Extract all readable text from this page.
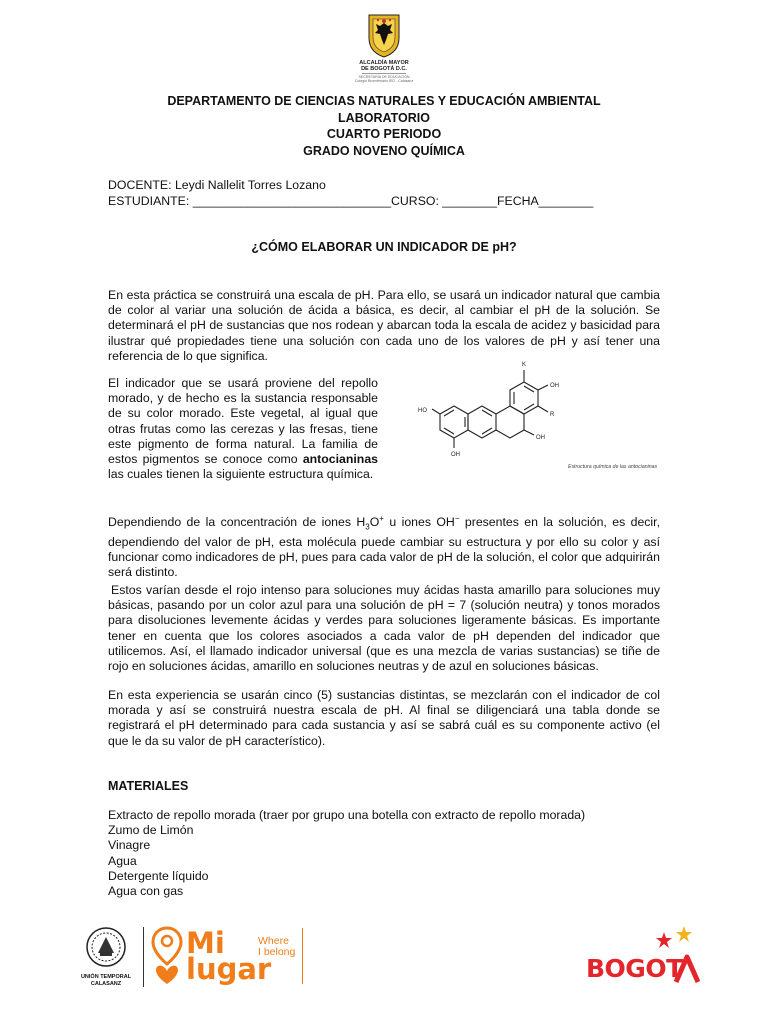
ALCALDÍA MAYOR
DE BOGOTÁ D.C.
SECRETARÍA DE EDUCACIÓN
Colegio Bicentenario IED - Calasanz
DEPARTAMENTO DE CIENCIAS NATURALES Y EDUCACIÓN AMBIENTAL
LABORATORIO
CUARTO PERIODO
GRADO NOVENO QUÍMICA
DOCENTE: Leydi Nallelit Torres Lozano
ESTUDIANTE: _____________________________CURSO: ________FECHA________
¿CÓMO ELABORAR UN INDICADOR DE pH?
En esta práctica se construirá una escala de pH. Para ello, se usará un indicador natural que cambia de color al variar una solución de ácida a básica, es decir, al cambiar el pH de la solución. Se determinará el pH de sustancias que nos rodean y abarcan toda la escala de acidez y basicidad para ilustrar qué propiedades tiene una solución con cada uno de los valores de pH y así tener una referencia de lo que significa.
El indicador que se usará proviene del repollo morado, y de hecho es la sustancia responsable de su color morado. Este vegetal, al igual que otras frutas como las cerezas y las fresas, tiene este pigmento de forma natural. La familia de estos pigmentos se conoce como antocianinas las cuales tienen la siguiente estructura química.
K
OH
R
HO
OH
OH
Estructura química de las antocianinas
Dependiendo de la concentración de iones $H_3O^+$ u iones OH− presentes en la solución, es decir, dependiendo del valor de pH, esta molécula puede cambiar su estructura y por ello su color y así funcionar como indicadores de pH, pues para cada valor de pH de la solución, el color que adquirirán será distinto.
Estos varían desde el rojo intenso para soluciones muy ácidas hasta amarillo para soluciones muy básicas, pasando por un color azul para una solución de pH = 7 (solución neutra) y tonos morados para disoluciones levemente ácidas y verdes para soluciones ligeramente básicas. Es importante tener en cuenta que los colores asociados a cada valor de pH dependen del indicador que utilicemos. Así, el llamado indicador universal (que es una mezcla de varias sustancias) se tiñe de rojo en soluciones ácidas, amarillo en soluciones neutras y de azul en soluciones básicas.
En esta experiencia se usarán cinco (5) sustancias distintas, se mezclarán con el indicador de col morada y así se construirá nuestra escala de pH. Al final se diligenciará una tabla donde se registrará el pH determinado para cada sustancia y así se sabrá cuál es su componente activo (el que le da su valor de pH característico).
MATERIALES
Extracto de repollo morada (traer por grupo una botella con extracto de repollo morada)
Zumo de Limón
Vinagre
Agua
Detergente líquido
Agua con gas
UNIÓN TEMPORAL
CALASANZ
Mi
lugar
Where
I belong
BOGOT
